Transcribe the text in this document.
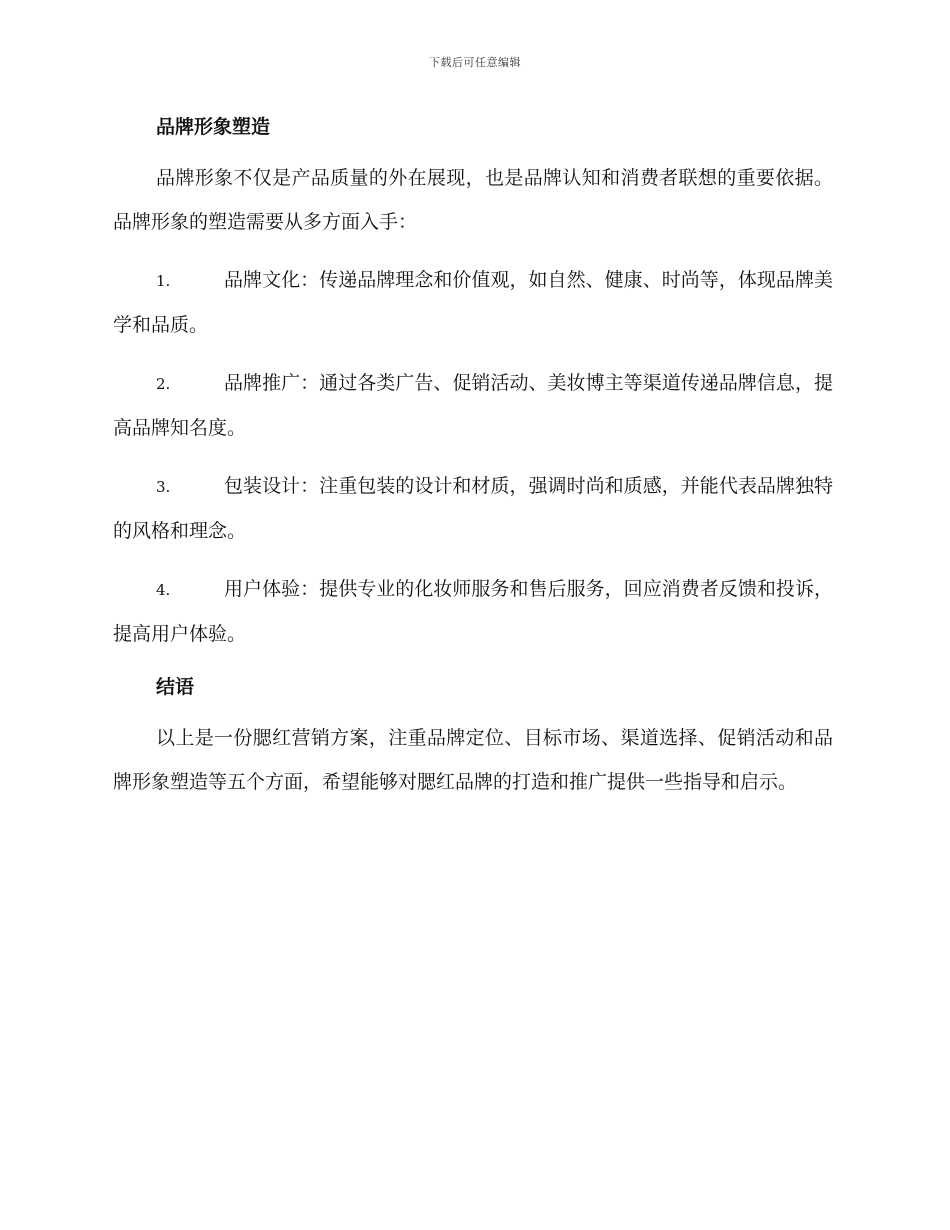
下载后可任意编辑
品牌形象塑造

品牌形象不仅是产品质量的外在展现，也是品牌认知和消费者联想的重要依据。品牌形象的塑造需要从多方面入手：

1.	品牌文化：传递品牌理念和价值观，如自然、健康、时尚等，体现品牌美学和品质。

2.	品牌推广：通过各类广告、促销活动、美妆博主等渠道传递品牌信息，提高品牌知名度。

3.	包装设计：注重包装的设计和材质，强调时尚和质感，并能代表品牌独特的风格和理念。

4.	用户体验：提供专业的化妆师服务和售后服务，回应消费者反馈和投诉，提高用户体验。

结语

以上是一份腮红营销方案，注重品牌定位、目标市场、渠道选择、促销活动和品牌形象塑造等五个方面，希望能够对腮红品牌的打造和推广提供一些指导和启示。
